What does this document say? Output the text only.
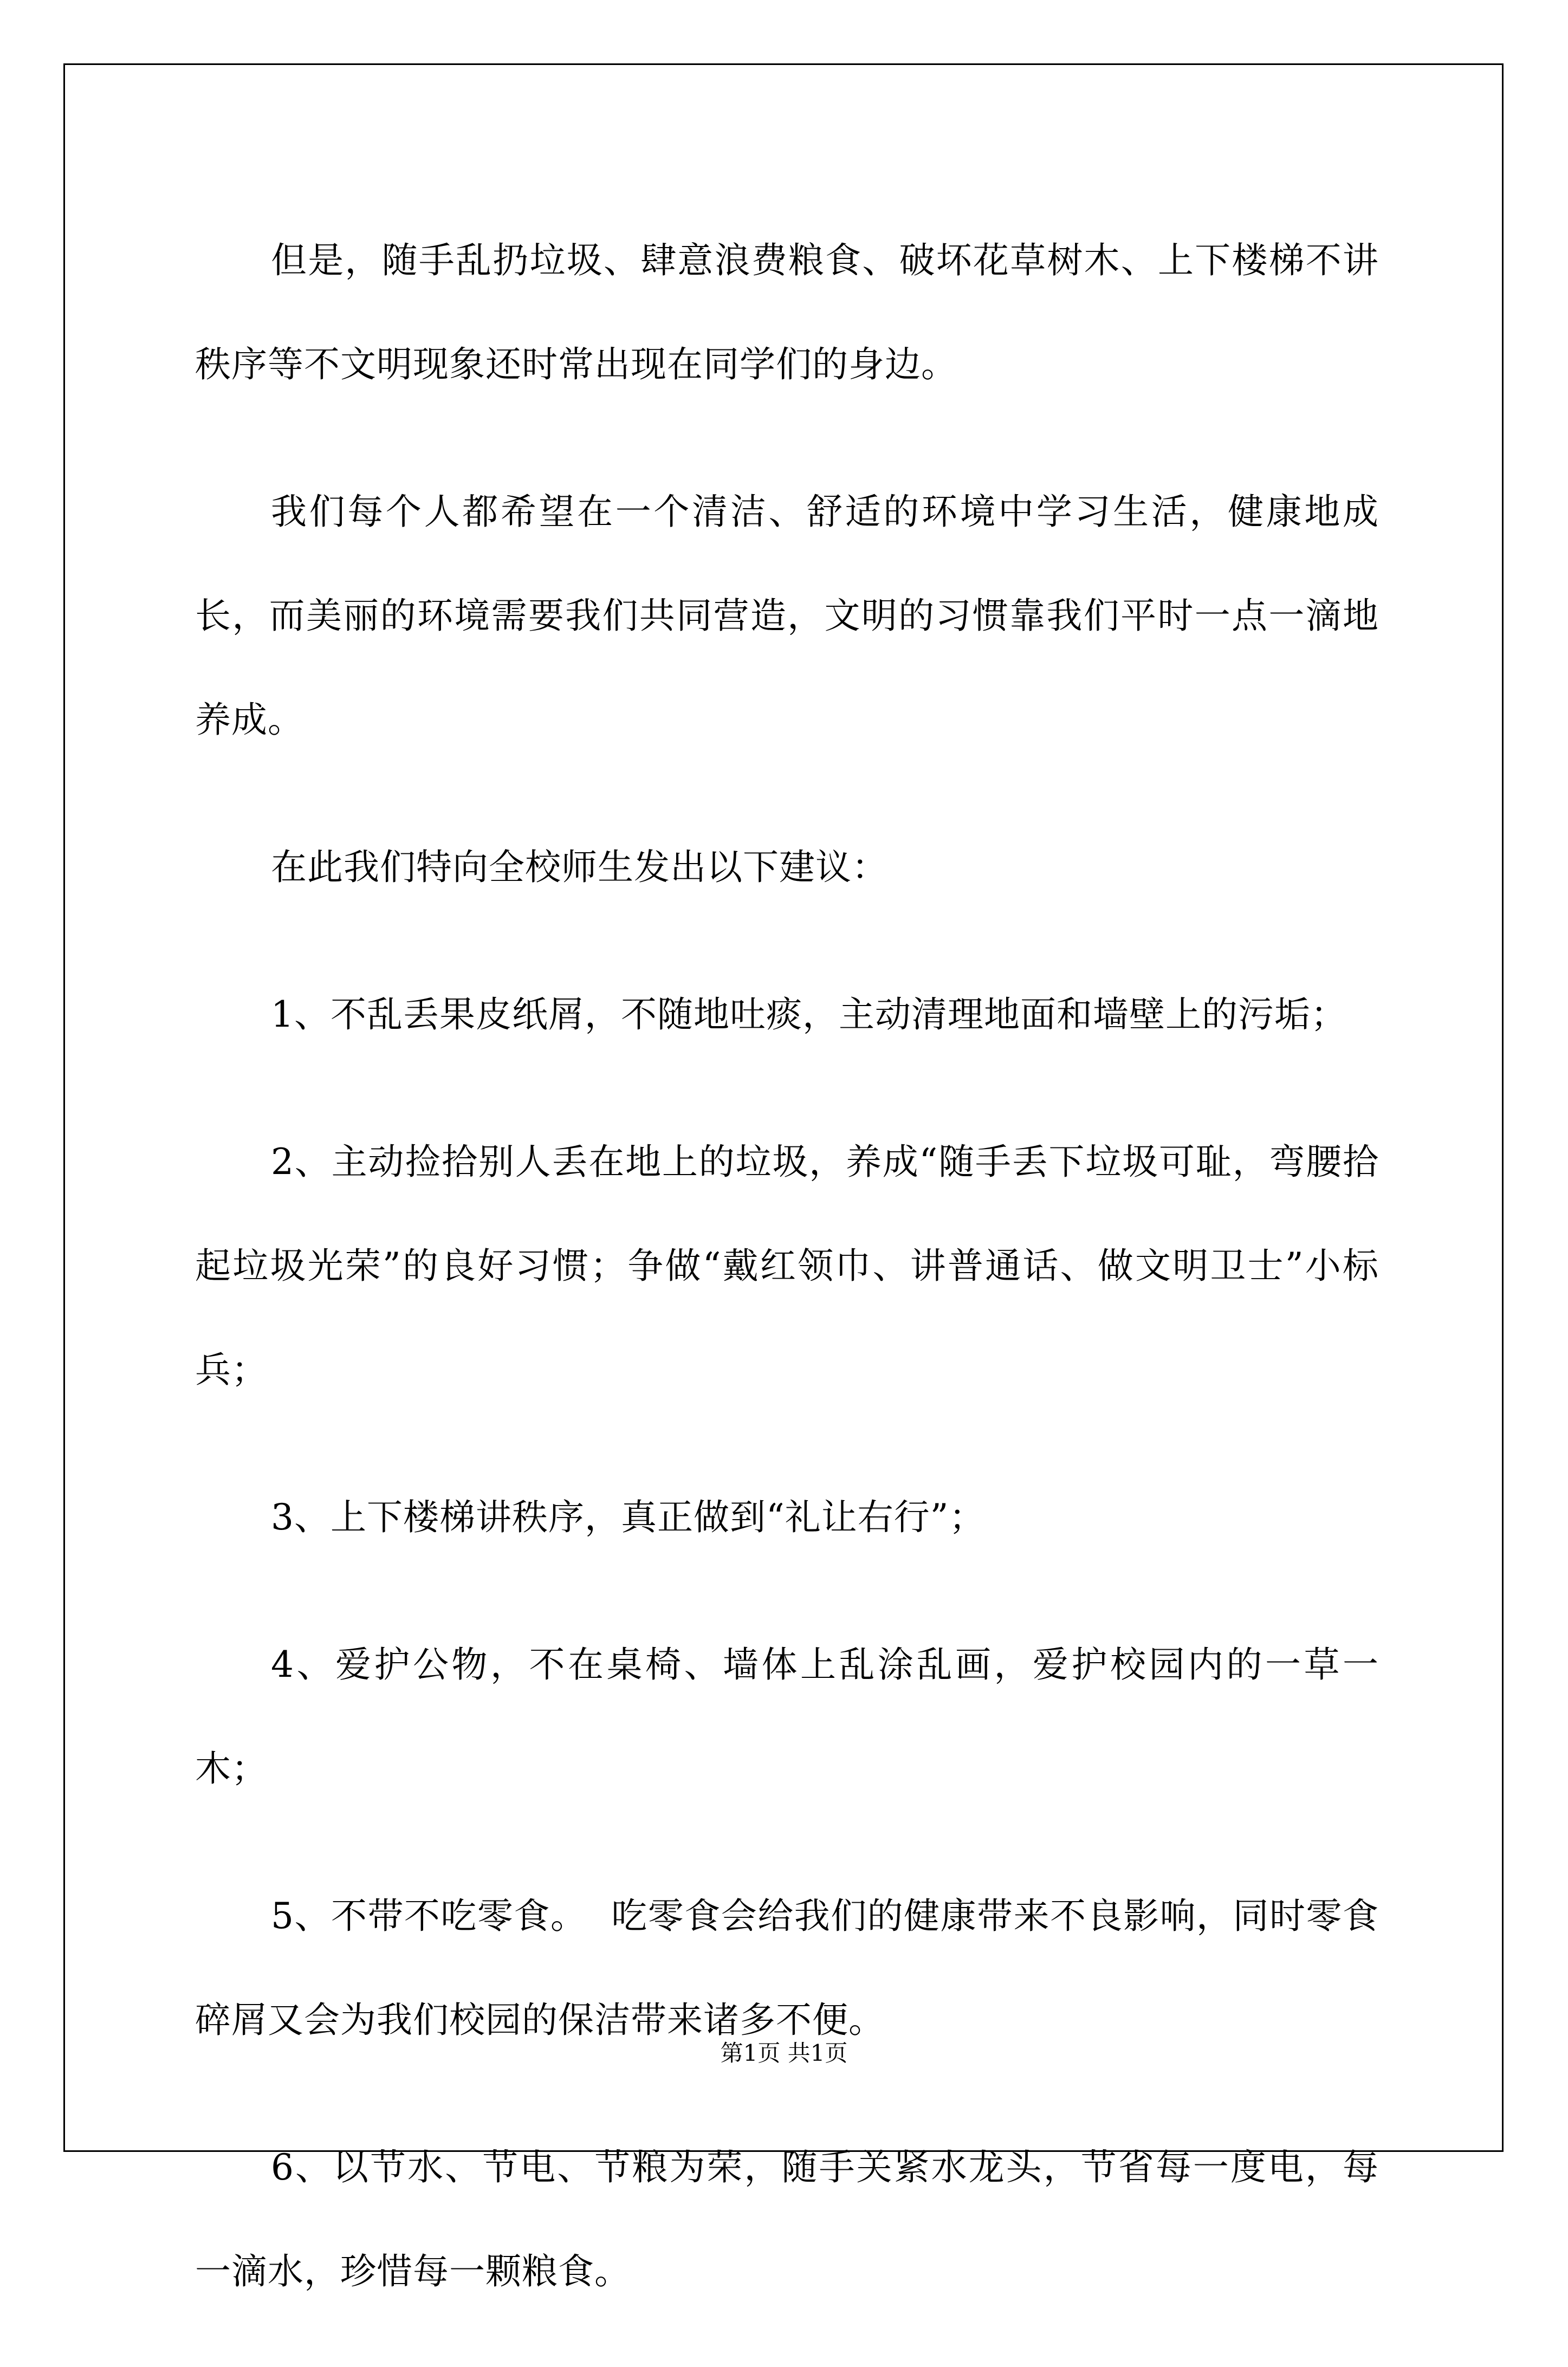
但是，随手乱扔垃圾、肆意浪费粮食、破坏花草树木、上下楼梯不讲秩序等不文明现象还时常出现在同学们的身边。

我们每个人都希望在一个清洁、舒适的环境中学习生活，健康地成长，而美丽的环境需要我们共同营造，文明的习惯靠我们平时一点一滴地养成。

在此我们特向全校师生发出以下建议：

1、不乱丢果皮纸屑，不随地吐痰，主动清理地面和墙壁上的污垢；

2、主动捡拾别人丢在地上的垃圾，养成“随手丢下垃圾可耻，弯腰拾起垃圾光荣”的良好习惯；争做“戴红领巾、讲普通话、做文明卫士”小标兵；

3、上下楼梯讲秩序，真正做到“礼让右行”；

4、爱护公物，不在桌椅、墙体上乱涂乱画，爱护校园内的一草一木；

5、不带不吃零食。  吃零食会给我们的健康带来不良影响，同时零食碎屑又会为我们校园的保洁带来诸多不便。

6、以节水、节电、节粮为荣，随手关紧水龙头，节省每一度电，每一滴水，珍惜每一颗粮食。

第1页 共1页
